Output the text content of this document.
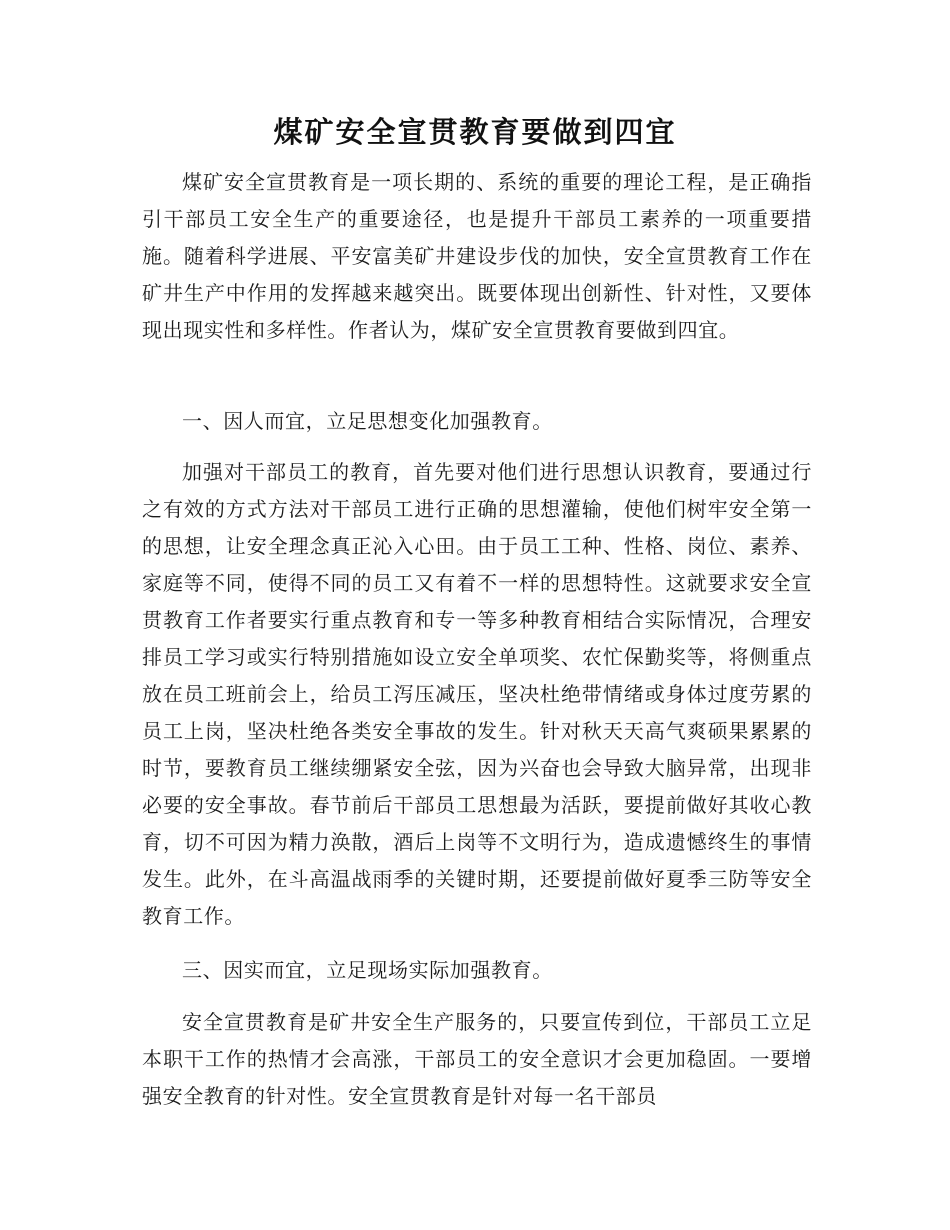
煤矿安全宣贯教育要做到四宜

煤矿安全宣贯教育是一项长期的、系统的重要的理论工程，是正确指引干部员工安全生产的重要途径，也是提升干部员工素养的一项重要措施。随着科学进展、平安富美矿井建设步伐的加快，安全宣贯教育工作在矿井生产中作用的发挥越来越突出。既要体现出创新性、针对性，又要体现出现实性和多样性。作者认为，煤矿安全宣贯教育要做到四宜。

一、因人而宜，立足思想变化加强教育。

加强对干部员工的教育，首先要对他们进行思想认识教育，要通过行之有效的方式方法对干部员工进行正确的思想灌输，使他们树牢安全第一的思想，让安全理念真正沁入心田。由于员工工种、性格、岗位、素养、家庭等不同，使得不同的员工又有着不一样的思想特性。这就要求安全宣贯教育工作者要实行重点教育和专一等多种教育相结合实际情况，合理安排员工学习或实行特别措施如设立安全单项奖、农忙保勤奖等，将侧重点放在员工班前会上，给员工泻压减压，坚决杜绝带情绪或身体过度劳累的员工上岗，坚决杜绝各类安全事故的发生。针对秋天天高气爽硕果累累的时节，要教育员工继续绷紧安全弦，因为兴奋也会导致大脑异常，出现非必要的安全事故。春节前后干部员工思想最为活跃，要提前做好其收心教育，切不可因为精力涣散，酒后上岗等不文明行为，造成遗憾终生的事情发生。此外，在斗高温战雨季的关键时期，还要提前做好夏季三防等安全教育工作。

三、因实而宜，立足现场实际加强教育。

安全宣贯教育是矿井安全生产服务的，只要宣传到位，干部员工立足本职干工作的热情才会高涨，干部员工的安全意识才会更加稳固。一要增强安全教育的针对性。安全宣贯教育是针对每一名干部员
